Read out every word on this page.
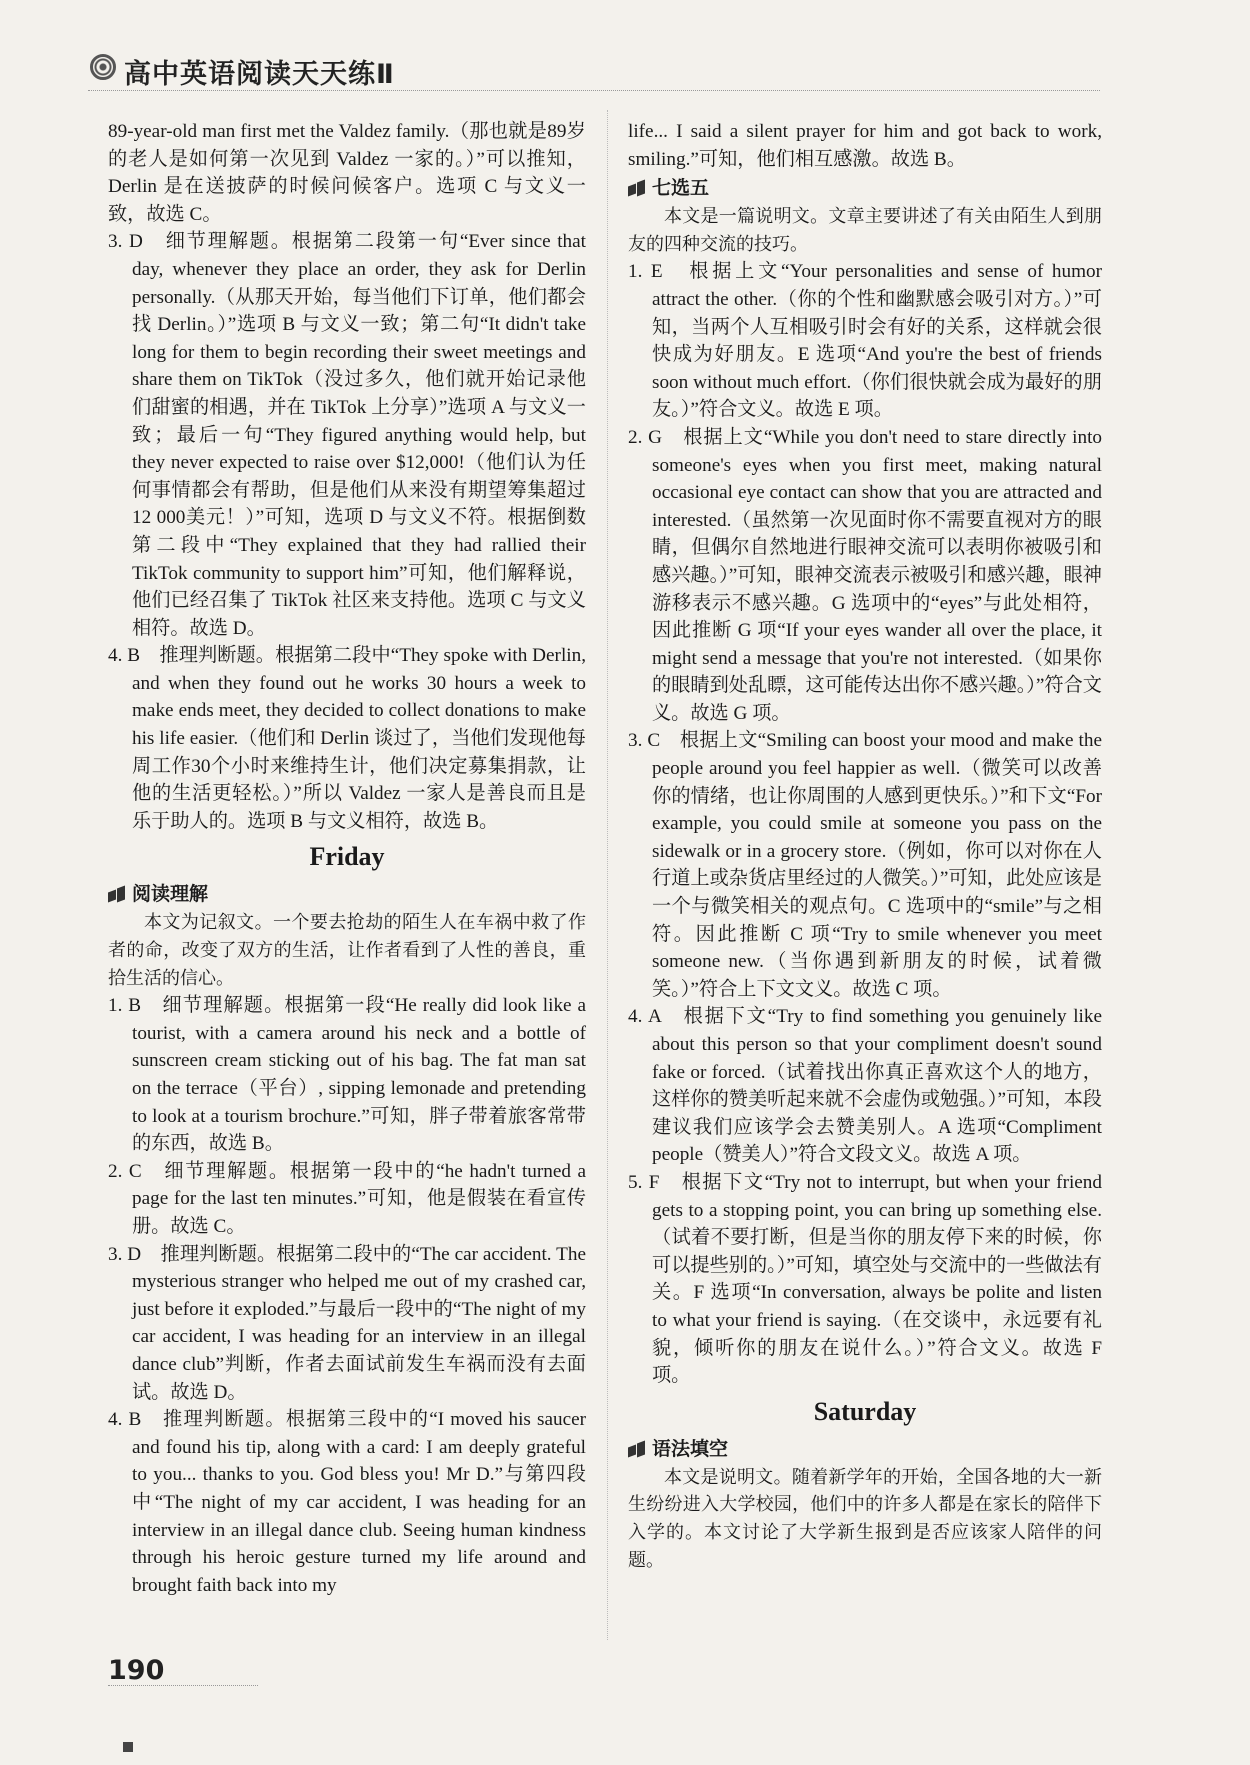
高中英语阅读天天练Ⅱ

89-year-old man first met the Valdez family.（那也就是89岁的老人是如何第一次见到 Valdez 一家的。）”可以推知，Derlin 是在送披萨的时候问候客户。选项 C 与文义一致，故选 C。

3. D　细节理解题。根据第二段第一句“Ever since that day, whenever they place an order, they ask for Derlin personally.（从那天开始，每当他们下订单，他们都会找 Derlin。）”选项 B 与文义一致；第二句“It didn't take long for them to begin recording their sweet meetings and share them on TikTok（没过多久，他们就开始记录他们甜蜜的相遇，并在 TikTok 上分享）”选项 A 与文义一致；最后一句“They figured anything would help, but they never expected to raise over $12,000!（他们认为任何事情都会有帮助，但是他们从来没有期望筹集超过12 000美元！）”可知，选项 D 与文义不符。根据倒数第二段中“They explained that they had rallied their TikTok community to support him”可知，他们解释说，他们已经召集了 TikTok 社区来支持他。选项 C 与文义相符。故选 D。

4. B　推理判断题。根据第二段中“They spoke with Derlin, and when they found out he works 30 hours a week to make ends meet, they decided to collect donations to make his life easier.（他们和 Derlin 谈过了，当他们发现他每周工作30个小时来维持生计，他们决定募集捐款，让他的生活更轻松。）”所以 Valdez 一家人是善良而且是乐于助人的。选项 B 与文义相符，故选 B。

Friday
阅读理解

本文为记叙文。一个要去抢劫的陌生人在车祸中救了作者的命，改变了双方的生活，让作者看到了人性的善良，重拾生活的信心。

1. B　细节理解题。根据第一段“He really did look like a tourist, with a camera around his neck and a bottle of sunscreen cream sticking out of his bag. The fat man sat on the terrace（平台）, sipping lemonade and pretending to look at a tourism brochure.”可知，胖子带着旅客常带的东西，故选 B。

2. C　细节理解题。根据第一段中的“he hadn't turned a page for the last ten minutes.”可知，他是假装在看宣传册。故选 C。

3. D　推理判断题。根据第二段中的“The car accident. The mysterious stranger who helped me out of my crashed car, just before it exploded.”与最后一段中的“The night of my car accident, I was heading for an interview in an illegal dance club”判断，作者去面试前发生车祸而没有去面试。故选 D。

4. B　推理判断题。根据第三段中的“I moved his saucer and found his tip, along with a card: I am deeply grateful to you... thanks to you. God bless you! Mr D.”与第四段中“The night of my car accident, I was heading for an interview in an illegal dance club. Seeing human kindness through his heroic gesture turned my life around and brought faith back into my

life... I said a silent prayer for him and got back to work, smiling.”可知，他们相互感激。故选 B。

七选五

本文是一篇说明文。文章主要讲述了有关由陌生人到朋友的四种交流的技巧。

1. E　根据上文“Your personalities and sense of humor attract the other.（你的个性和幽默感会吸引对方。）”可知，当两个人互相吸引时会有好的关系，这样就会很快成为好朋友。E 选项“And you're the best of friends soon without much effort.（你们很快就会成为最好的朋友。）”符合文义。故选 E 项。

2. G　根据上文“While you don't need to stare directly into someone's eyes when you first meet, making natural occasional eye contact can show that you are attracted and interested.（虽然第一次见面时你不需要直视对方的眼睛，但偶尔自然地进行眼神交流可以表明你被吸引和感兴趣。）”可知，眼神交流表示被吸引和感兴趣，眼神游移表示不感兴趣。G 选项中的“eyes”与此处相符，因此推断 G 项“If your eyes wander all over the place, it might send a message that you're not interested.（如果你的眼睛到处乱瞟，这可能传达出你不感兴趣。）”符合文义。故选 G 项。

3. C　根据上文“Smiling can boost your mood and make the people around you feel happier as well.（微笑可以改善你的情绪，也让你周围的人感到更快乐。）”和下文“For example, you could smile at someone you pass on the sidewalk or in a grocery store.（例如，你可以对你在人行道上或杂货店里经过的人微笑。）”可知，此处应该是一个与微笑相关的观点句。C 选项中的“smile”与之相符。因此推断 C 项“Try to smile whenever you meet someone new.（当你遇到新朋友的时候，试着微笑。）”符合上下文文义。故选 C 项。

4. A　根据下文“Try to find something you genuinely like about this person so that your compliment doesn't sound fake or forced.（试着找出你真正喜欢这个人的地方，这样你的赞美听起来就不会虚伪或勉强。）”可知，本段建议我们应该学会去赞美别人。A 选项“Compliment people（赞美人）”符合文段文义。故选 A 项。

5. F　根据下文“Try not to interrupt, but when your friend gets to a stopping point, you can bring up something else.（试着不要打断，但是当你的朋友停下来的时候，你可以提些别的。）”可知，填空处与交流中的一些做法有关。F 选项“In conversation, always be polite and listen to what your friend is saying.（在交谈中，永远要有礼貌，倾听你的朋友在说什么。）”符合文义。故选 F 项。

Saturday
语法填空

本文是说明文。随着新学年的开始，全国各地的大一新生纷纷进入大学校园，他们中的许多人都是在家长的陪伴下入学的。本文讨论了大学新生报到是否应该家人陪伴的问题。

190
